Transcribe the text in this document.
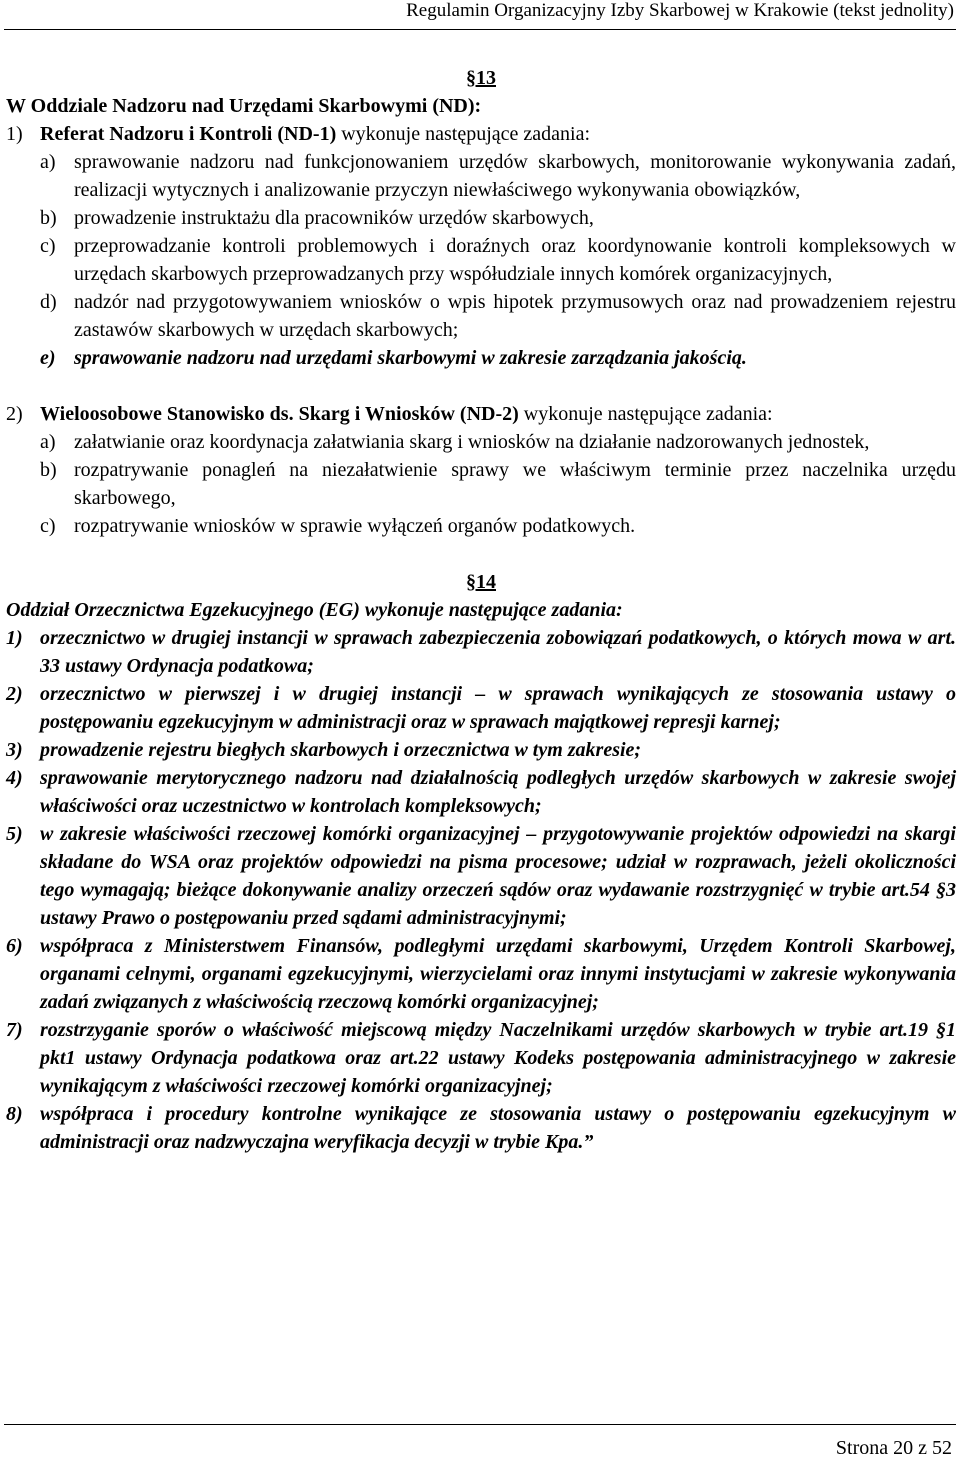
Regulamin Organizacyjny Izby Skarbowej w Krakowie (tekst jednolity)

§13

W Oddziale Nadzoru nad Urzędami Skarbowymi (ND):

1) Referat Nadzoru i Kontroli (ND-1) wykonuje następujące zadania:
a) sprawowanie nadzoru nad funkcjonowaniem urzędów skarbowych, monitorowanie wykonywania zadań, realizacji wytycznych i analizowanie przyczyn niewłaściwego wykonywania obowiązków,
b) prowadzenie instruktażu dla pracowników urzędów skarbowych,
c) przeprowadzanie kontroli problemowych i doraźnych oraz koordynowanie kontroli kompleksowych w urzędach skarbowych przeprowadzanych przy współudziale innych komórek organizacyjnych,
d) nadzór nad przygotowywaniem wniosków o wpis hipotek przymusowych oraz nad prowadzeniem rejestru zastawów skarbowych w urzędach skarbowych;
e) sprawowanie nadzoru nad urzędami skarbowymi w zakresie zarządzania jakością.
2) Wieloosobowe Stanowisko ds. Skarg i Wniosków (ND-2) wykonuje następujące zadania:
a) załatwianie oraz koordynacja załatwiania skarg i wniosków na działanie nadzorowanych jednostek,
b) rozpatrywanie ponagleń na niezałatwienie sprawy we właściwym terminie przez naczelnika urzędu skarbowego,
c) rozpatrywanie wniosków w sprawie wyłączeń organów podatkowych.

§14

Oddział Orzecznictwa Egzekucyjnego (EG) wykonuje następujące zadania:

1) orzecznictwo w drugiej instancji w sprawach zabezpieczenia zobowiązań podatkowych, o których mowa w art. 33 ustawy Ordynacja podatkowa;
2) orzecznictwo w pierwszej i w drugiej instancji – w sprawach wynikających ze stosowania ustawy o postępowaniu egzekucyjnym w administracji oraz w sprawach majątkowej represji karnej;
3) prowadzenie rejestru biegłych skarbowych i orzecznictwa w tym zakresie;
4) sprawowanie merytorycznego nadzoru nad działalnością podległych urzędów skarbowych w zakresie swojej właściwości oraz uczestnictwo w kontrolach kompleksowych;
5) w zakresie właściwości rzeczowej komórki organizacyjnej – przygotowywanie projektów odpowiedzi na skargi składane do WSA oraz projektów odpowiedzi na pisma procesowe; udział w rozprawach, jeżeli okoliczności tego wymagają; bieżące dokonywanie analizy orzeczeń sądów oraz wydawanie rozstrzygnięć w trybie art.54 §3 ustawy Prawo o postępowaniu przed sądami administracyjnymi;
6) współpraca z Ministerstwem Finansów, podległymi urzędami skarbowymi, Urzędem Kontroli Skarbowej, organami celnymi, organami egzekucyjnymi, wierzycielami oraz innymi instytucjami w zakresie wykonywania zadań związanych z właściwością rzeczową komórki organizacyjnej;
7) rozstrzyganie sporów o właściwość miejscową między Naczelnikami urzędów skarbowych w trybie art.19 §1 pkt1 ustawy Ordynacja podatkowa oraz art.22 ustawy Kodeks postępowania administracyjnego w zakresie wynikającym z właściwości rzeczowej komórki organizacyjnej;
8) współpraca i procedury kontrolne wynikające ze stosowania ustawy o postępowaniu egzekucyjnym w administracji oraz nadzwyczajna weryfikacja decyzji w trybie Kpa.”
Strona 20 z 52
